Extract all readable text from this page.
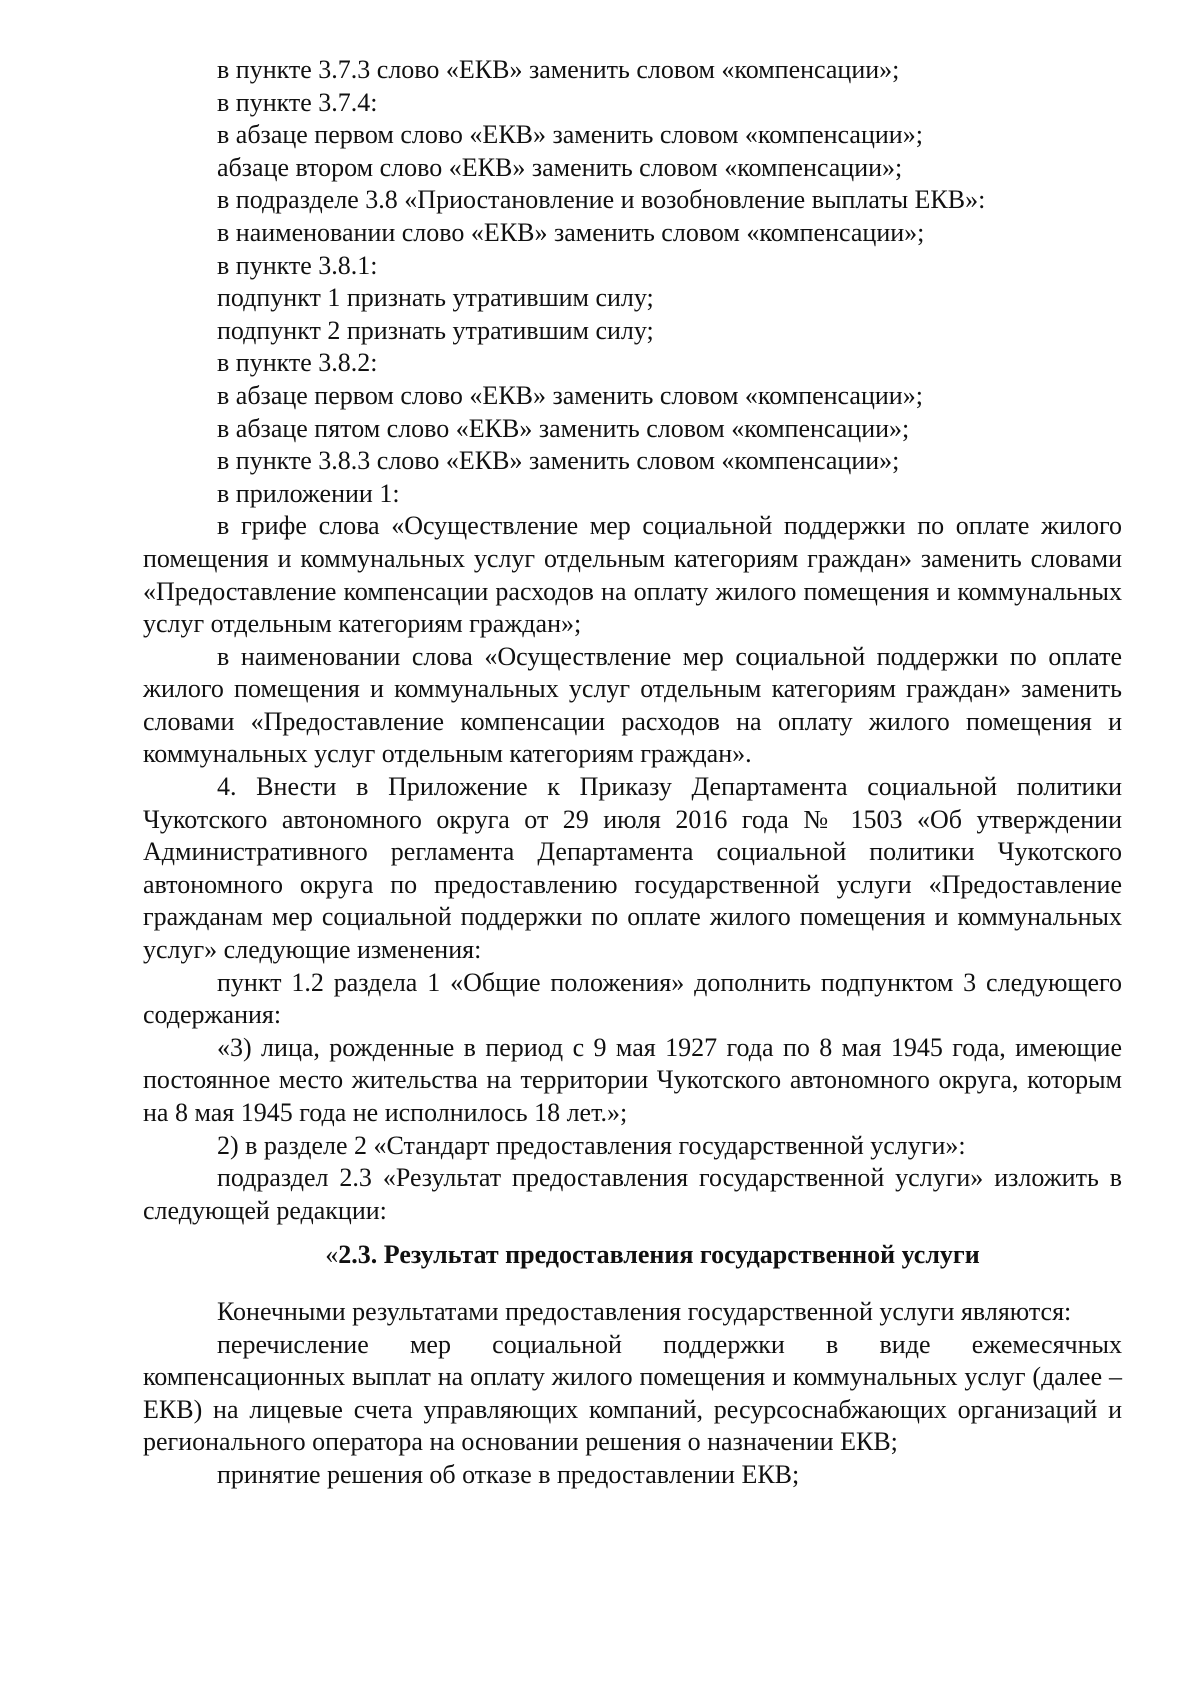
в пункте 3.7.3 слово «ЕКВ» заменить словом «компенсации»;

в пункте 3.7.4:

в абзаце первом слово «ЕКВ» заменить словом «компенсации»;

абзаце втором слово «ЕКВ» заменить словом «компенсации»;

в подразделе 3.8 «Приостановление и возобновление выплаты ЕКВ»:

в наименовании слово «ЕКВ» заменить словом «компенсации»;

в пункте 3.8.1:

подпункт 1 признать утратившим силу;

подпункт 2 признать утратившим силу;

в пункте 3.8.2:

в абзаце первом слово «ЕКВ» заменить словом «компенсации»;

в абзаце пятом слово «ЕКВ» заменить словом «компенсации»;

в пункте 3.8.3 слово «ЕКВ» заменить словом «компенсации»;

в приложении 1:

в грифе слова «Осуществление мер социальной поддержки по оплате жилого помещения и коммунальных услуг отдельным категориям граждан» заменить словами «Предоставление компенсации расходов на оплату жилого помещения и коммунальных услуг отдельным категориям граждан»;

в наименовании слова «Осуществление мер социальной поддержки по оплате жилого помещения и коммунальных услуг отдельным категориям граждан» заменить словами «Предоставление компенсации расходов на оплату жилого помещения и коммунальных услуг отдельным категориям граждан».

4. Внести в Приложение к Приказу Департамента социальной политики Чукотского автономного округа от 29 июля 2016 года № 1503 «Об утверждении Административного регламента Департамента социальной политики Чукотского автономного округа по предоставлению государственной услуги «Предоставление гражданам мер социальной поддержки по оплате жилого помещения и коммунальных услуг» следующие изменения:

пункт 1.2 раздела 1 «Общие положения» дополнить подпунктом 3 следующего содержания:

«3) лица, рожденные в период с 9 мая 1927 года по 8 мая 1945 года, имеющие постоянное место жительства на территории Чукотского автономного округа, которым на 8 мая 1945 года не исполнилось 18 лет.»;

2) в разделе 2 «Стандарт предоставления государственной услуги»:

подраздел 2.3 «Результат предоставления государственной услуги» изложить в следующей редакции:

«2.3. Результат предоставления государственной услуги

Конечными результатами предоставления государственной услуги являются:

перечисление мер социальной поддержки в виде ежемесячных компенсационных выплат на оплату жилого помещения и коммунальных услуг (далее – ЕКВ) на лицевые счета управляющих компаний, ресурсоснабжающих организаций и регионального оператора на основании решения о назначении ЕКВ;

принятие решения об отказе в предоставлении ЕКВ;
